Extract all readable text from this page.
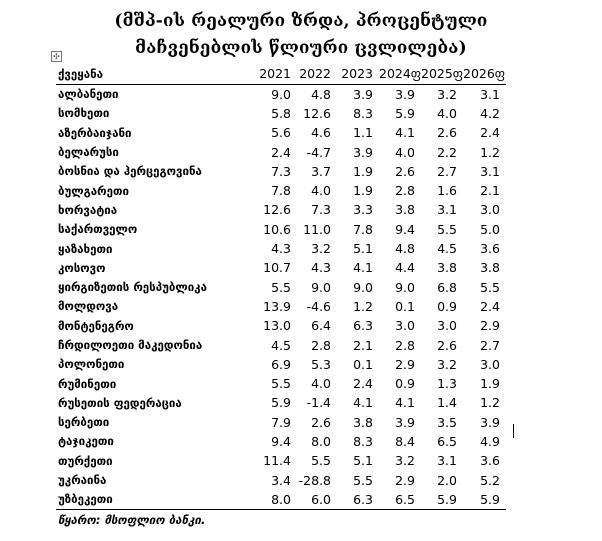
(მშპ-ის რეალური ზრდა, პროცენტული
მაჩვენებლის წლიური ცვლილება)
✣
ქვეყანა	2021	2022	2023	2024ფ	2025ფ	2026ფ
ალბანეთი	9.0	4.8	3.9	3.9	3.2	3.1
სომხეთი	5.8	12.6	8.3	5.9	4.0	4.2
აზერბაიჯანი	5.6	4.6	1.1	4.1	2.6	2.4
ბელარუსი	2.4	-4.7	3.9	4.0	2.2	1.2
ბოსნია და ჰერცეგოვინა	7.3	3.7	1.9	2.6	2.7	3.1
ბულგარეთი	7.8	4.0	1.9	2.8	1.6	2.1
ხორვატია	12.6	7.3	3.3	3.8	3.1	3.0
საქართველო	10.6	11.0	7.8	9.4	5.5	5.0
ყაზახეთი	4.3	3.2	5.1	4.8	4.5	3.6
კოსოვო	10.7	4.3	4.1	4.4	3.8	3.8
ყირგიზეთის რესპუბლიკა	5.5	9.0	9.0	9.0	6.8	5.5
მოლდოვა	13.9	-4.6	1.2	0.1	0.9	2.4
მონტენეგრო	13.0	6.4	6.3	3.0	3.0	2.9
ჩრდილოეთი მაკედონია	4.5	2.8	2.1	2.8	2.6	2.7
პოლონეთი	6.9	5.3	0.1	2.9	3.2	3.0
რუმინეთი	5.5	4.0	2.4	0.9	1.3	1.9
რუსეთის ფედერაცია	5.9	-1.4	4.1	4.1	1.4	1.2
სერბეთი	7.9	2.6	3.8	3.9	3.5	3.9
ტაჯიკეთი	9.4	8.0	8.3	8.4	6.5	4.9
თურქეთი	11.4	5.5	5.1	3.2	3.1	3.6
უკრაინა	3.4	-28.8	5.5	2.9	2.0	5.2
უზბეკეთი	8.0	6.0	6.3	6.5	5.9	5.9
წყარო: მსოფლიო ბანკი.						
